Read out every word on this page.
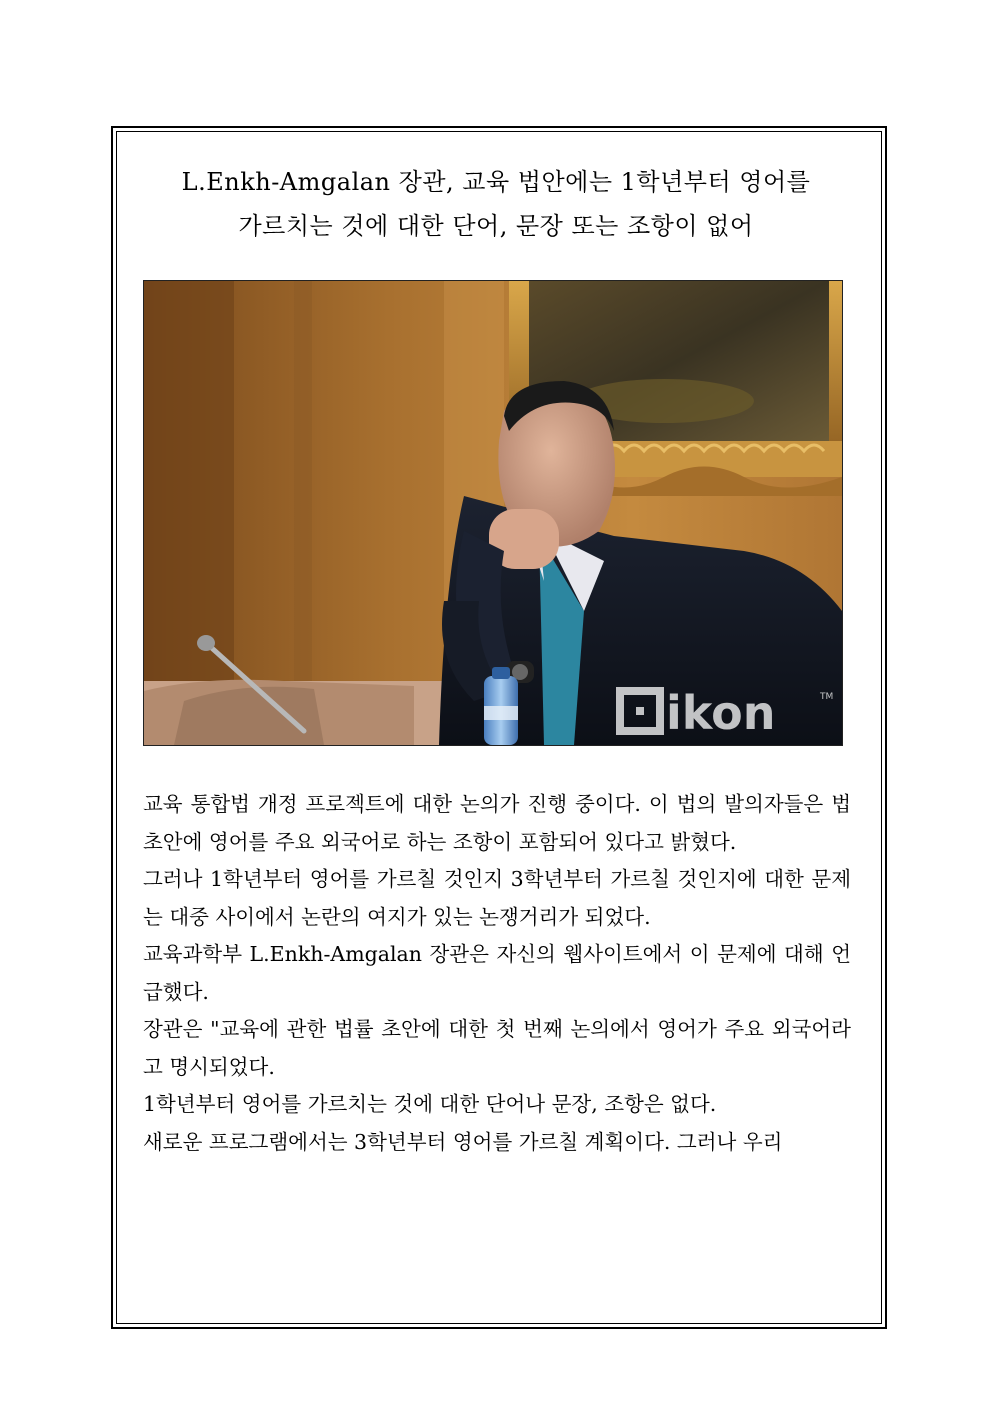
L.Enkh-Amgalan 장관, 교육 법안에는 1학년부터 영어를
가르치는 것에 대한 단어, 문장 또는 조항이 없어
ikon	TM

교육 통합법 개정 프로젝트에 대한 논의가 진행 중이다. 이 법의 발의자들은 법 초안에 영어를 주요 외국어로 하는 조항이 포함되어 있다고 밝혔다.

그러나 1학년부터 영어를 가르칠 것인지 3학년부터 가르칠 것인지에 대한 문제는 대중 사이에서 논란의 여지가 있는 논쟁거리가 되었다.

교육과학부 L.Enkh-Amgalan 장관은 자신의 웹사이트에서 이 문제에 대해 언급했다.

장관은 "교육에 관한 법률 초안에 대한 첫 번째 논의에서 영어가 주요 외국어라고 명시되었다.

1학년부터 영어를 가르치는 것에 대한 단어나 문장, 조항은 없다.

새로운 프로그램에서는 3학년부터 영어를 가르칠 계획이다. 그러나 우리
